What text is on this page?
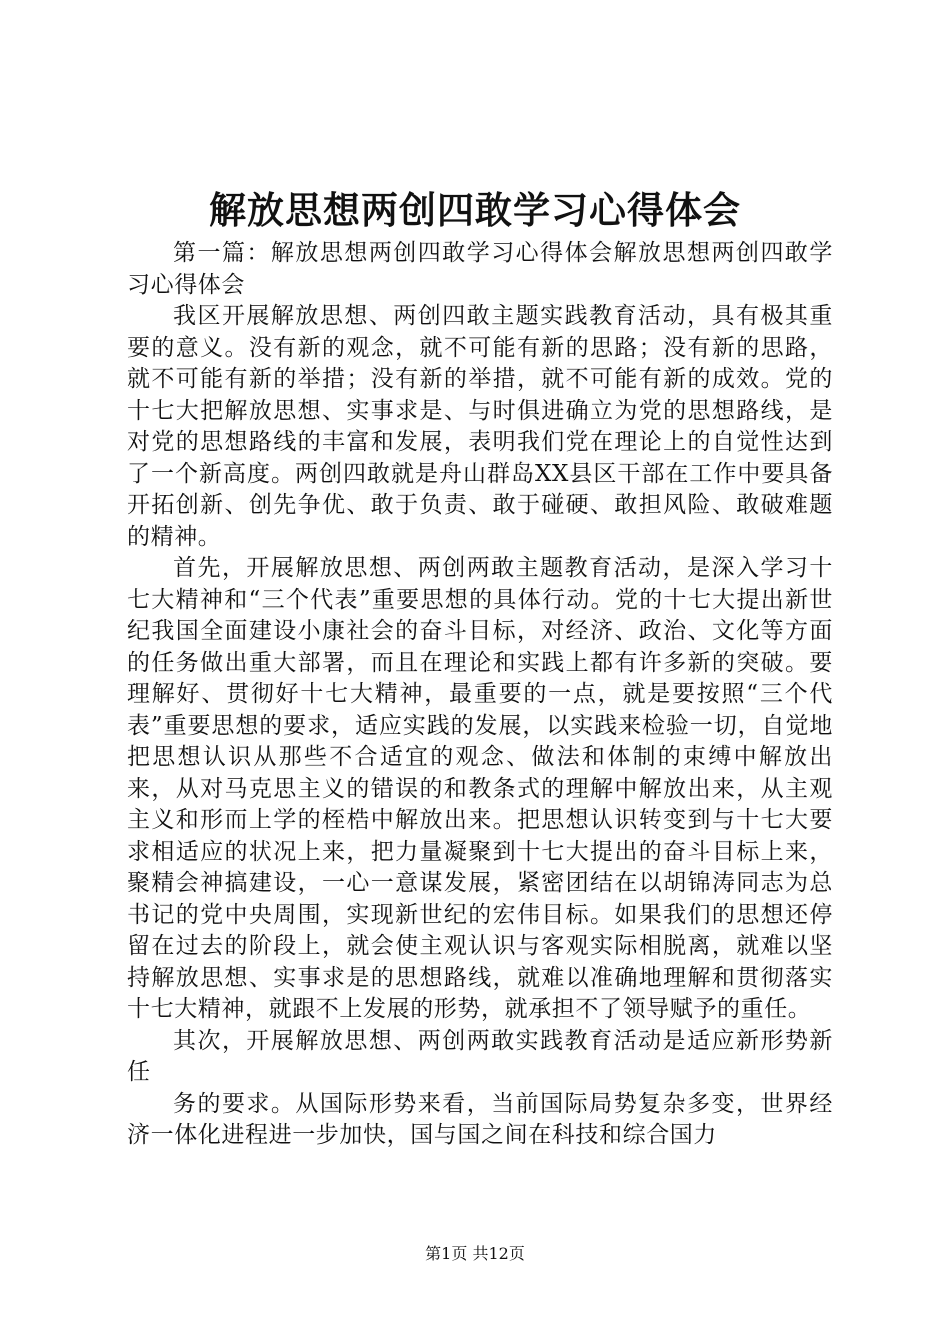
解放思想两创四敢学习心得体会

第一篇：解放思想两创四敢学习心得体会解放思想两创四敢学习心得体会

我区开展解放思想、两创四敢主题实践教育活动，具有极其重要的意义。没有新的观念，就不可能有新的思路；没有新的思路，就不可能有新的举措；没有新的举措，就不可能有新的成效。党的十七大把解放思想、实事求是、与时俱进确立为党的思想路线，是对党的思想路线的丰富和发展，表明我们党在理论上的自觉性达到了一个新高度。两创四敢就是舟山群岛XX县区干部在工作中要具备开拓创新、创先争优、敢于负责、敢于碰硬、敢担风险、敢破难题的精神。

首先，开展解放思想、两创两敢主题教育活动，是深入学习十七大精神和“三个代表”重要思想的具体行动。党的十七大提出新世纪我国全面建设小康社会的奋斗目标，对经济、政治、文化等方面的任务做出重大部署，而且在理论和实践上都有许多新的突破。要理解好、贯彻好十七大精神，最重要的一点，就是要按照“三个代表”重要思想的要求，适应实践的发展，以实践来检验一切，自觉地把思想认识从那些不合适宜的观念、做法和体制的束缚中解放出来，从对马克思主义的错误的和教条式的理解中解放出来，从主观主义和形而上学的桎梏中解放出来。把思想认识转变到与十七大要求相适应的状况上来，把力量凝聚到十七大提出的奋斗目标上来，聚精会神搞建设，一心一意谋发展，紧密团结在以胡锦涛同志为总书记的党中央周围，实现新世纪的宏伟目标。如果我们的思想还停留在过去的阶段上，就会使主观认识与客观实际相脱离，就难以坚持解放思想、实事求是的思想路线，就难以准确地理解和贯彻落实十七大精神，就跟不上发展的形势，就承担不了领导赋予的重任。

其次，开展解放思想、两创两敢实践教育活动是适应新形势新任

务的要求。从国际形势来看，当前国际局势复杂多变，世界经济一体化进程进一步加快，国与国之间在科技和综合国力

第1页 共12页
